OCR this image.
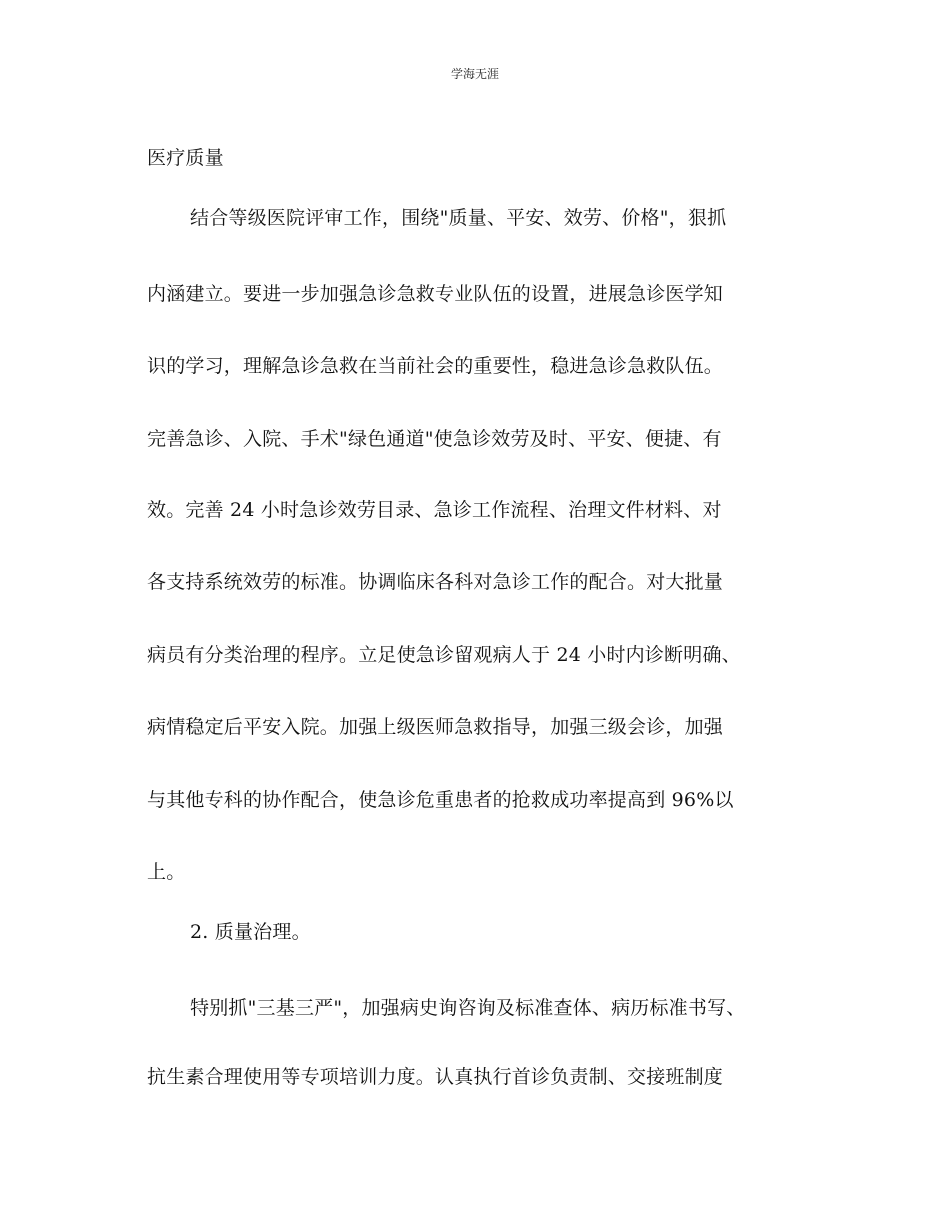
学海无涯
医疗质量
结合等级医院评审工作，围绕"质量、平安、效劳、价格"，狠抓
内涵建立。要进一步加强急诊急救专业队伍的设置，进展急诊医学知
识的学习，理解急诊急救在当前社会的重要性，稳进急诊急救队伍。
完善急诊、入院、手术"绿色通道"使急诊效劳及时、平安、便捷、有
效。完善 24 小时急诊效劳目录、急诊工作流程、治理文件材料、对
各支持系统效劳的标准。协调临床各科对急诊工作的配合。对大批量
病员有分类治理的程序。立足使急诊留观病人于 24 小时内诊断明确、
病情稳定后平安入院。加强上级医师急救指导，加强三级会诊，加强
与其他专科的协作配合，使急诊危重患者的抢救成功率提高到 96%以
上。
2. 质量治理。
特别抓"三基三严"，加强病史询咨询及标准查体、病历标准书写、
抗生素合理使用等专项培训力度。认真执行首诊负责制、交接班制度
